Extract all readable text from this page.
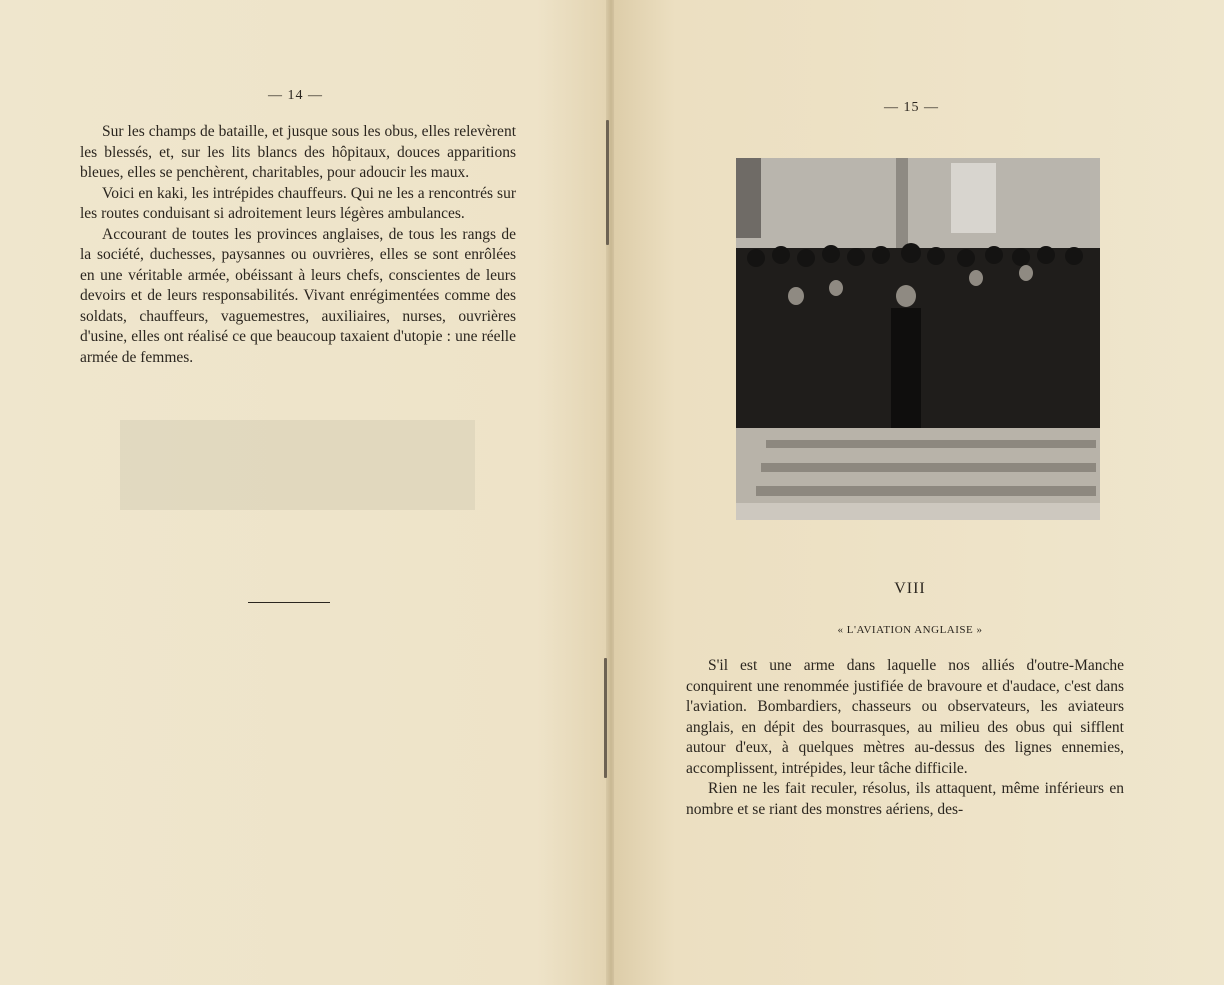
— 14 —

Sur les champs de bataille, et jusque sous les obus, elles relevèrent les blessés, et, sur les lits blancs des hôpitaux, douces apparitions bleues, elles se penchèrent, charitables, pour adoucir les maux.

Voici en kaki, les intrépides chauffeurs. Qui ne les a rencontrés sur les routes conduisant si adroitement leurs légères ambulances.

Accourant de toutes les provinces anglaises, de tous les rangs de la société, duchesses, paysannes ou ouvrières, elles se sont enrôlées en une véritable armée, obéissant à leurs chefs, conscientes de leurs devoirs et de leurs responsabilités. Vivant enrégimentées comme des soldats, chauffeurs, vaguemestres, auxiliaires, nurses, ouvrières d'usine, elles ont réalisé ce que beaucoup taxaient d'utopie : une réelle armée de femmes.

— 15 —
VIII
« L'AVIATION ANGLAISE »

S'il est une arme dans laquelle nos alliés d'outre-Manche conquirent une renommée justifiée de bravoure et d'audace, c'est dans l'aviation. Bombardiers, chasseurs ou observateurs, les aviateurs anglais, en dépit des bourrasques, au milieu des obus qui sifflent autour d'eux, à quelques mètres au-dessus des lignes ennemies, accomplissent, intrépides, leur tâche difficile.

Rien ne les fait reculer, résolus, ils attaquent, même inférieurs en nombre et se riant des monstres aériens, des-
